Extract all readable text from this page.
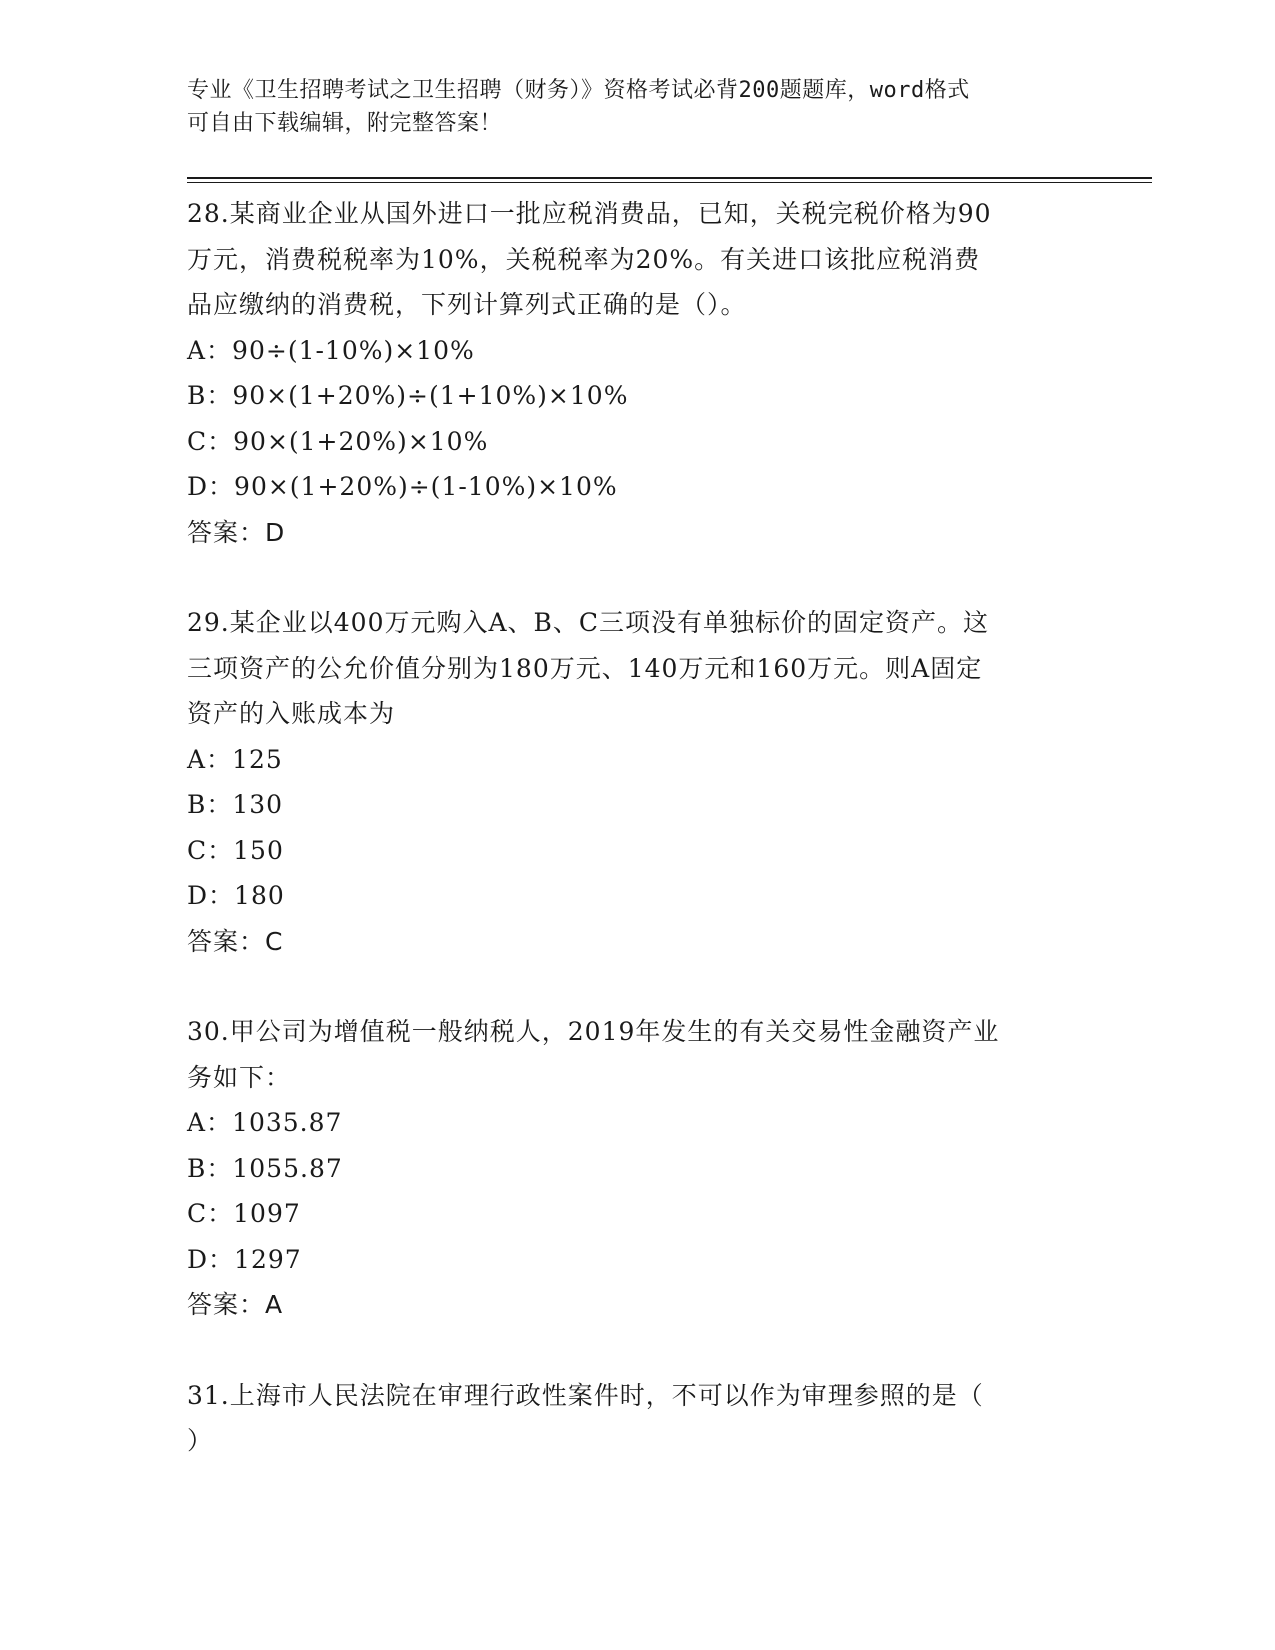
专业《卫生招聘考试之卫生招聘（财务）》资格考试必背200题题库，word格式
可自由下载编辑，附完整答案！
28.某商业企业从国外进口一批应税消费品，已知，关税完税价格为90
万元，消费税税率为10%，关税税率为20%。有关进口该批应税消费
品应缴纳的消费税，下列计算列式正确的是（）。
A：90÷(1-10%)×10%
B：90×(1+20%)÷(1+10%)×10%
C：90×(1+20%)×10%
D：90×(1+20%)÷(1-10%)×10%
答案：D
29.某企业以400万元购入A、B、C三项没有单独标价的固定资产。这
三项资产的公允价值分别为180万元、140万元和160万元。则A固定
资产的入账成本为
A：125
B：130
C：150
D：180
答案：C
30.甲公司为增值税一般纳税人，2019年发生的有关交易性金融资产业
务如下：
A：1035.87
B：1055.87
C：1097
D：1297
答案：A
31.上海市人民法院在审理行政性案件时，不可以作为审理参照的是（
）
